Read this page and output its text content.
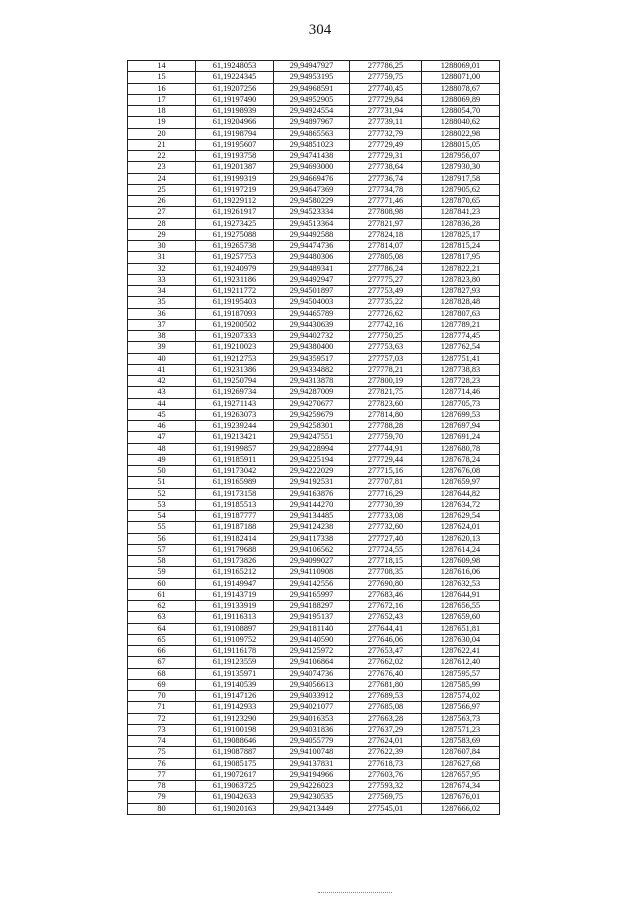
304
14	61,19248053	29,94947927	277786,25	1288069,01
15	61,19224345	29,94953195	277759,75	1288071,00
16	61,19207256	29,94968591	277740,45	1288078,67
17	61,19197490	29,94952905	277729,84	1288069,89
18	61,19198939	29,94924554	277731,94	1288054,70
19	61,19204966	29,94897967	277739,11	1288040,62
20	61,19198794	29,94865563	277732,79	1288022,98
21	61,19195607	29,94851023	277729,49	1288015,05
22	61,19193758	29,94741438	277729,31	1287956,07
23	61,19201387	29,94693000	277738,64	1287930,30
24	61,19199319	29,94669476	277736,74	1287917,58
25	61,19197219	29,94647369	277734,78	1287905,62
26	61,19229112	29,94580229	277771,46	1287870,65
27	61,19261917	29,94523334	277808,98	1287841,23
28	61,19273425	29,94513364	277821,97	1287836,28
29	61,19275088	29,94492588	277824,18	1287825,17
30	61,19265738	29,94474736	277814,07	1287815,24
31	61,19257753	29,94480306	277805,08	1287817,95
32	61,19240979	29,94489341	277786,24	1287822,21
33	61,19231186	29,94492947	277775,27	1287823,80
34	61,19211772	29,94501897	277753,49	1287827,93
35	61,19195403	29,94504003	277735,22	1287828,48
36	61,19187093	29,94465789	277726,62	1287807,63
37	61,19200502	29,94430639	277742,16	1287789,21
38	61,19207333	29,94402732	277750,25	1287774,45
39	61,19210023	29,94380400	277753,63	1287762,54
40	61,19212753	29,94359517	277757,03	1287751,41
41	61,19231386	29,94334882	277778,21	1287738,83
42	61,19250794	29,94313878	277800,19	1287728,23
43	61,19269734	29,94287009	277821,75	1287714,46
44	61,19271143	29,94270677	277823,60	1287705,73
45	61,19263073	29,94259679	277814,80	1287699,53
46	61,19239244	29,94258301	277788,28	1287697,94
47	61,19213421	29,94247551	277759,70	1287691,24
48	61,19199857	29,94228994	277744,91	1287680,78
49	61,19185911	29,94225194	277729,44	1287678,24
50	61,19173042	29,94222029	277715,16	1287676,08
51	61,19165989	29,94192531	277707,81	1287659,97
52	61,19173158	29,94163876	277716,29	1287644,82
53	61,19185513	29,94144270	277730,39	1287634,72
54	61,19187777	29,94134485	277733,08	1287629,54
55	61,19187188	29,94124238	277732,60	1287624,01
56	61,19182414	29,94117338	277727,40	1287620,13
57	61,19179688	29,94106562	277724,55	1287614,24
58	61,19173826	29,94099027	277718,15	1287609,98
59	61,19165212	29,94110908	277708,35	1287616,06
60	61,19149947	29,94142556	277690,80	1287632,53
61	61,19143719	29,94165997	277683,46	1287644,91
62	61,19133919	29,94188297	277672,16	1287656,55
63	61,19116313	29,94195137	277652,43	1287659,60
64	61,19108897	29,94181140	277644,41	1287651,81
65	61,19109752	29,94140590	277646,06	1287630,04
66	61,19116178	29,94125972	277653,47	1287622,41
67	61,19123559	29,94106864	277662,02	1287612,40
68	61,19135971	29,94074736	277676,40	1287595,57
69	61,19140539	29,94056613	277681,80	1287585,99
70	61,19147126	29,94033912	277689,53	1287574,02
71	61,19142933	29,94021077	277685,08	1287566,97
72	61,19123290	29,94016353	277663,28	1287563,73
73	61,19100198	29,94031836	277637,29	1287571,23
74	61,19088646	29,94055779	277624,01	1287583,69
75	61,19087887	29,94100748	277622,39	1287607,84
76	61,19085175	29,94137831	277618,73	1287627,68
77	61,19072617	29,94194966	277603,76	1287657,95
78	61,19063725	29,94226023	277593,32	1287674,34
79	61,19042633	29,94230535	277569,75	1287676,01
80	61,19020163	29,94213449	277545,01	1287666,02
